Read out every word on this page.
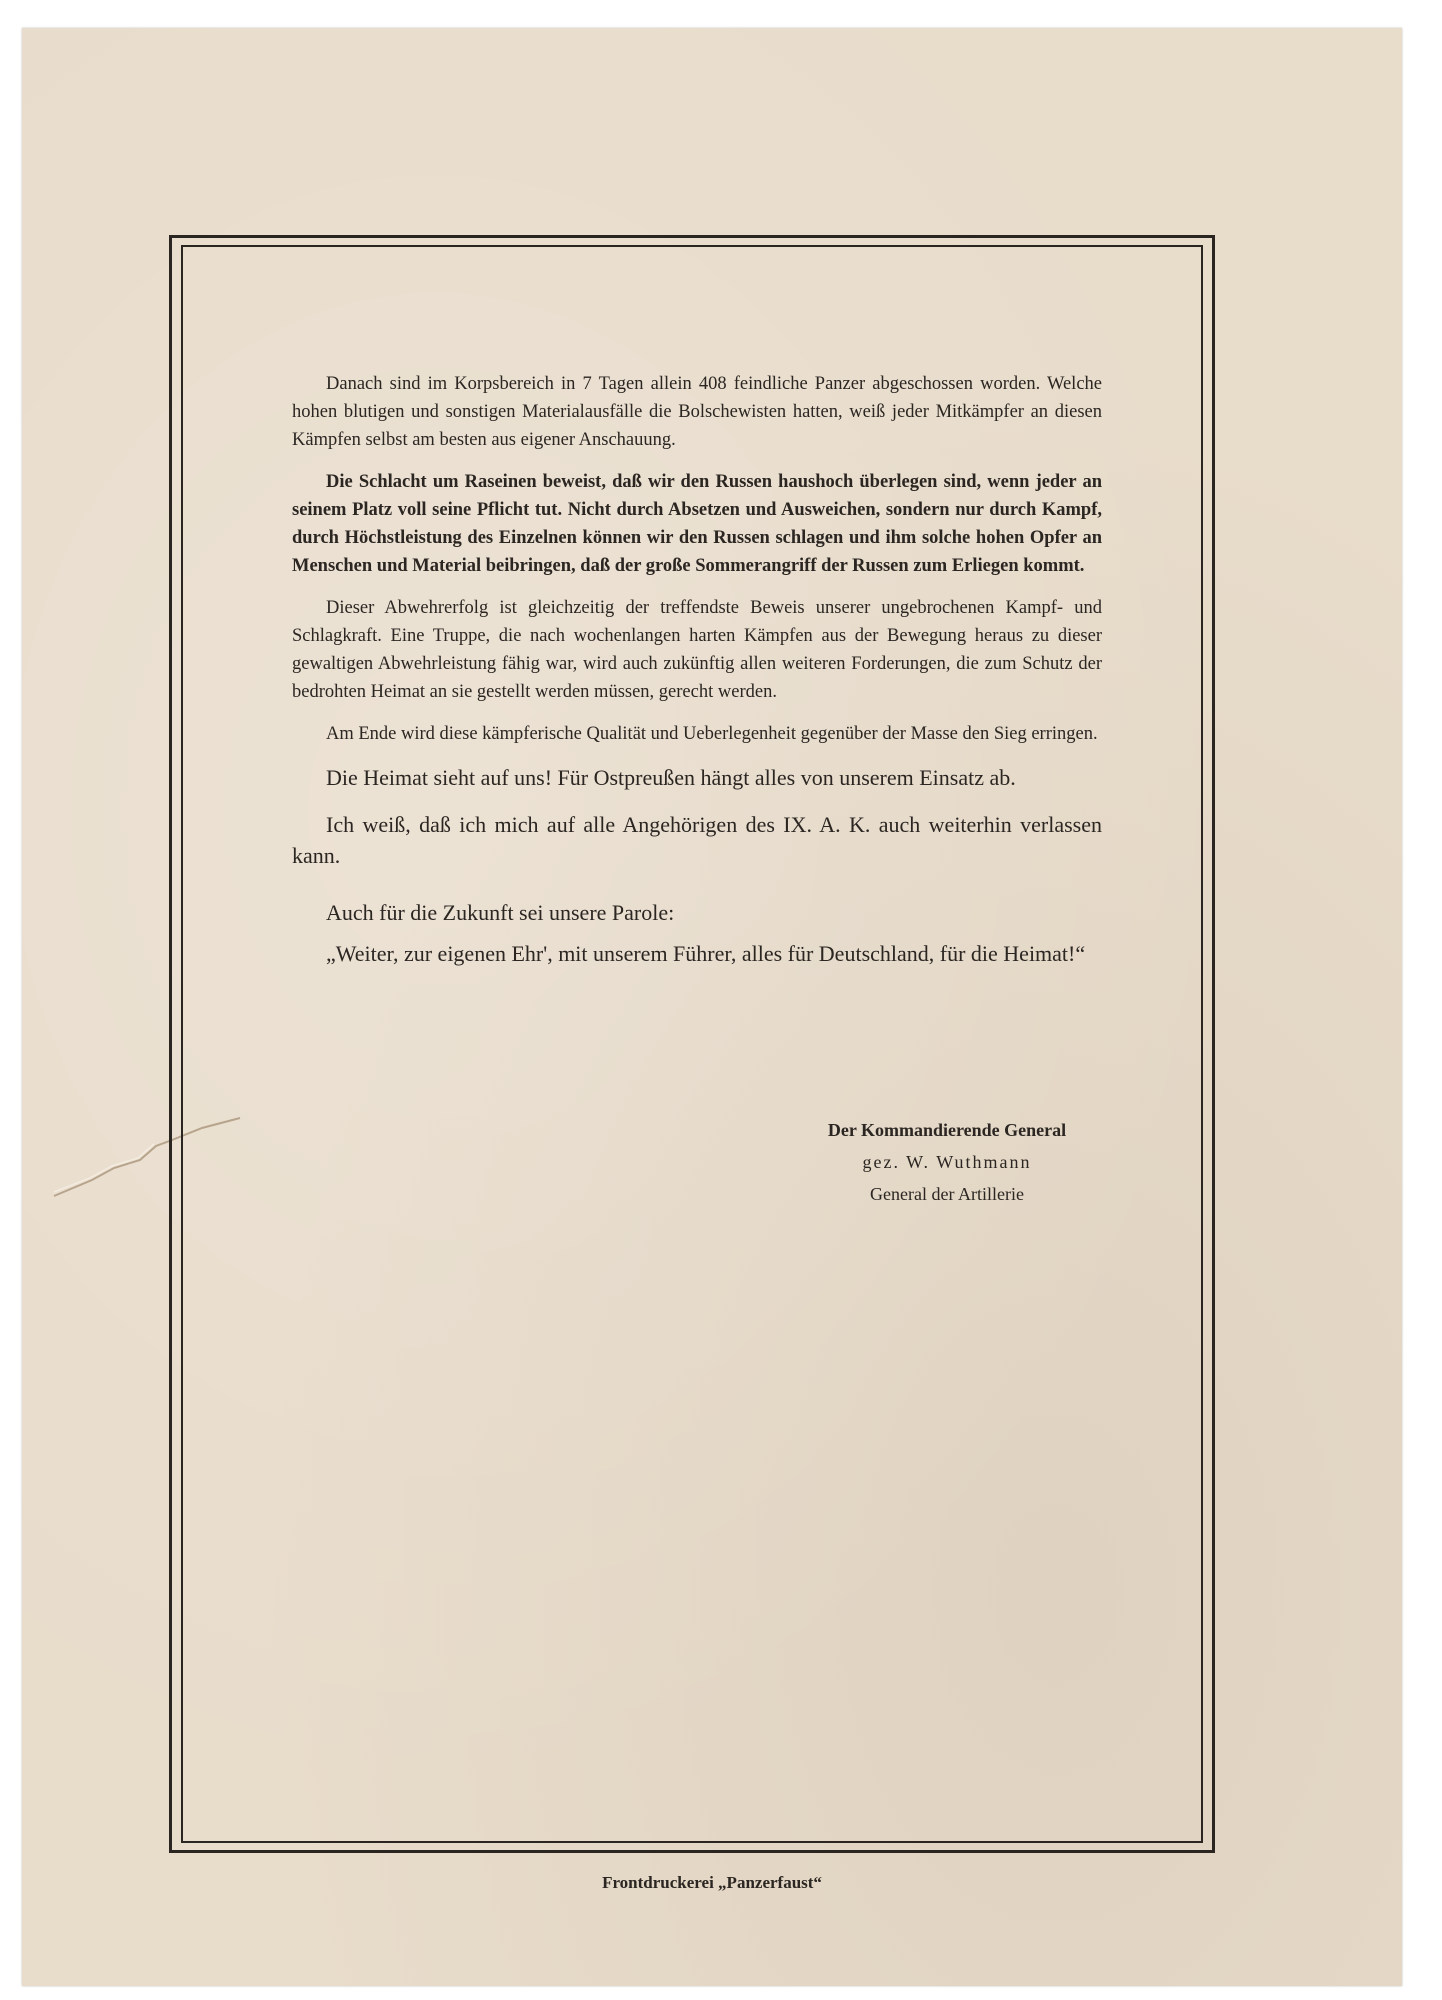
Danach sind im Korpsbereich in 7 Tagen allein 408 feindliche Panzer abgeschossen worden. Welche hohen blutigen und sonstigen Materialausfälle die Bolschewisten hatten, weiß jeder Mitkämpfer an diesen Kämpfen selbst am besten aus eigener Anschauung.

Die Schlacht um Raseinen beweist, daß wir den Russen haushoch überlegen sind, wenn jeder an seinem Platz voll seine Pflicht tut. Nicht durch Absetzen und Ausweichen, sondern nur durch Kampf, durch Höchstleistung des Einzelnen können wir den Russen schlagen und ihm solche hohen Opfer an Menschen und Material beibringen, daß der große Sommerangriff der Russen zum Erliegen kommt.

Dieser Abwehrerfolg ist gleichzeitig der treffendste Beweis unserer ungebrochenen Kampf- und Schlagkraft. Eine Truppe, die nach wochenlangen harten Kämpfen aus der Bewegung heraus zu dieser gewaltigen Abwehrleistung fähig war, wird auch zukünftig allen weiteren Forderungen, die zum Schutz der bedrohten Heimat an sie gestellt werden müssen, gerecht werden.

Am Ende wird diese kämpferische Qualität und Ueberlegenheit gegenüber der Masse den Sieg erringen.

Die Heimat sieht auf uns! Für Ostpreußen hängt alles von unserem Einsatz ab.

Ich weiß, daß ich mich auf alle Angehörigen des IX. A. K. auch weiterhin verlassen kann.

Auch für die Zukunft sei unsere Parole:

„Weiter, zur eigenen Ehr', mit unserem Führer, alles für Deutschland, für die Heimat!“

Der Kommandierende General
gez. W. Wuthmann
General der Artillerie
Frontdruckerei „Panzerfaust“
